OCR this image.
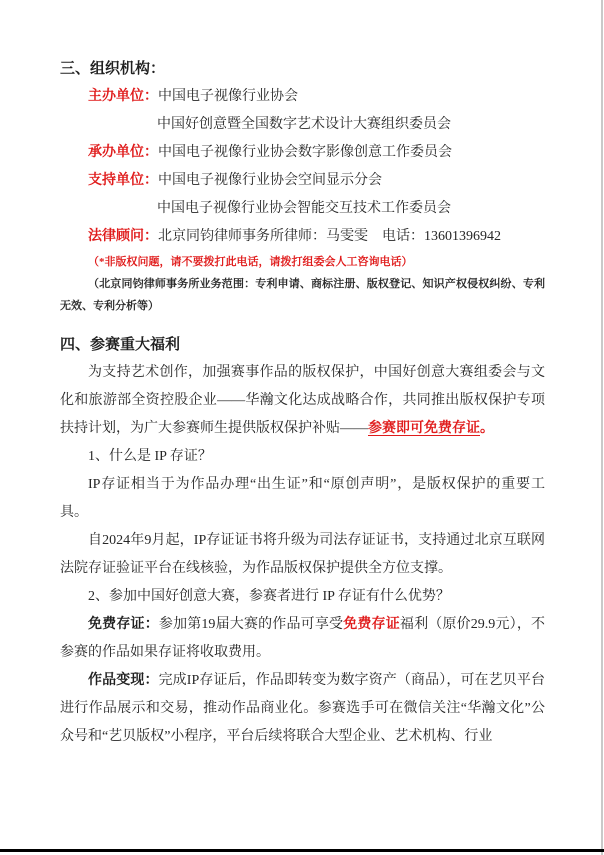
三、组织机构：
主办单位：中国电子视像行业协会
中国好创意暨全国数字艺术设计大赛组织委员会
承办单位：中国电子视像行业协会数字影像创意工作委员会
支持单位：中国电子视像行业协会空间显示分会
中国电子视像行业协会智能交互技术工作委员会
法律顾问：北京同钧律师事务所律师：马雯雯　电话：13601396942
（*非版权问题，请不要拨打此电话，请拨打组委会人工咨询电话）
（北京同钧律师事务所业务范围：专利申请、商标注册、版权登记、知识产权侵权纠纷、专利无效、专利分析等）
四、参赛重大福利

为支持艺术创作，加强赛事作品的版权保护，中国好创意大赛组委会与文化和旅游部全资控股企业——华瀚文化达成战略合作，共同推出版权保护专项扶持计划，为广大参赛师生提供版权保护补贴——参赛即可免费存证。

1、什么是 IP 存证？

IP存证相当于为作品办理“出生证”和“原创声明”，是版权保护的重要工具。

自2024年9月起，IP存证证书将升级为司法存证证书，支持通过北京互联网法院存证验证平台在线核验，为作品版权保护提供全方位支撑。

2、参加中国好创意大赛，参赛者进行 IP 存证有什么优势？

免费存证：参加第19届大赛的作品可享受免费存证福利（原价29.9元），不参赛的作品如果存证将收取费用。

作品变现：完成IP存证后，作品即转变为数字资产（商品），可在艺贝平台进行作品展示和交易，推动作品商业化。参赛选手可在微信关注“华瀚文化”公众号和“艺贝版权”小程序，平台后续将联合大型企业、艺术机构、行业
